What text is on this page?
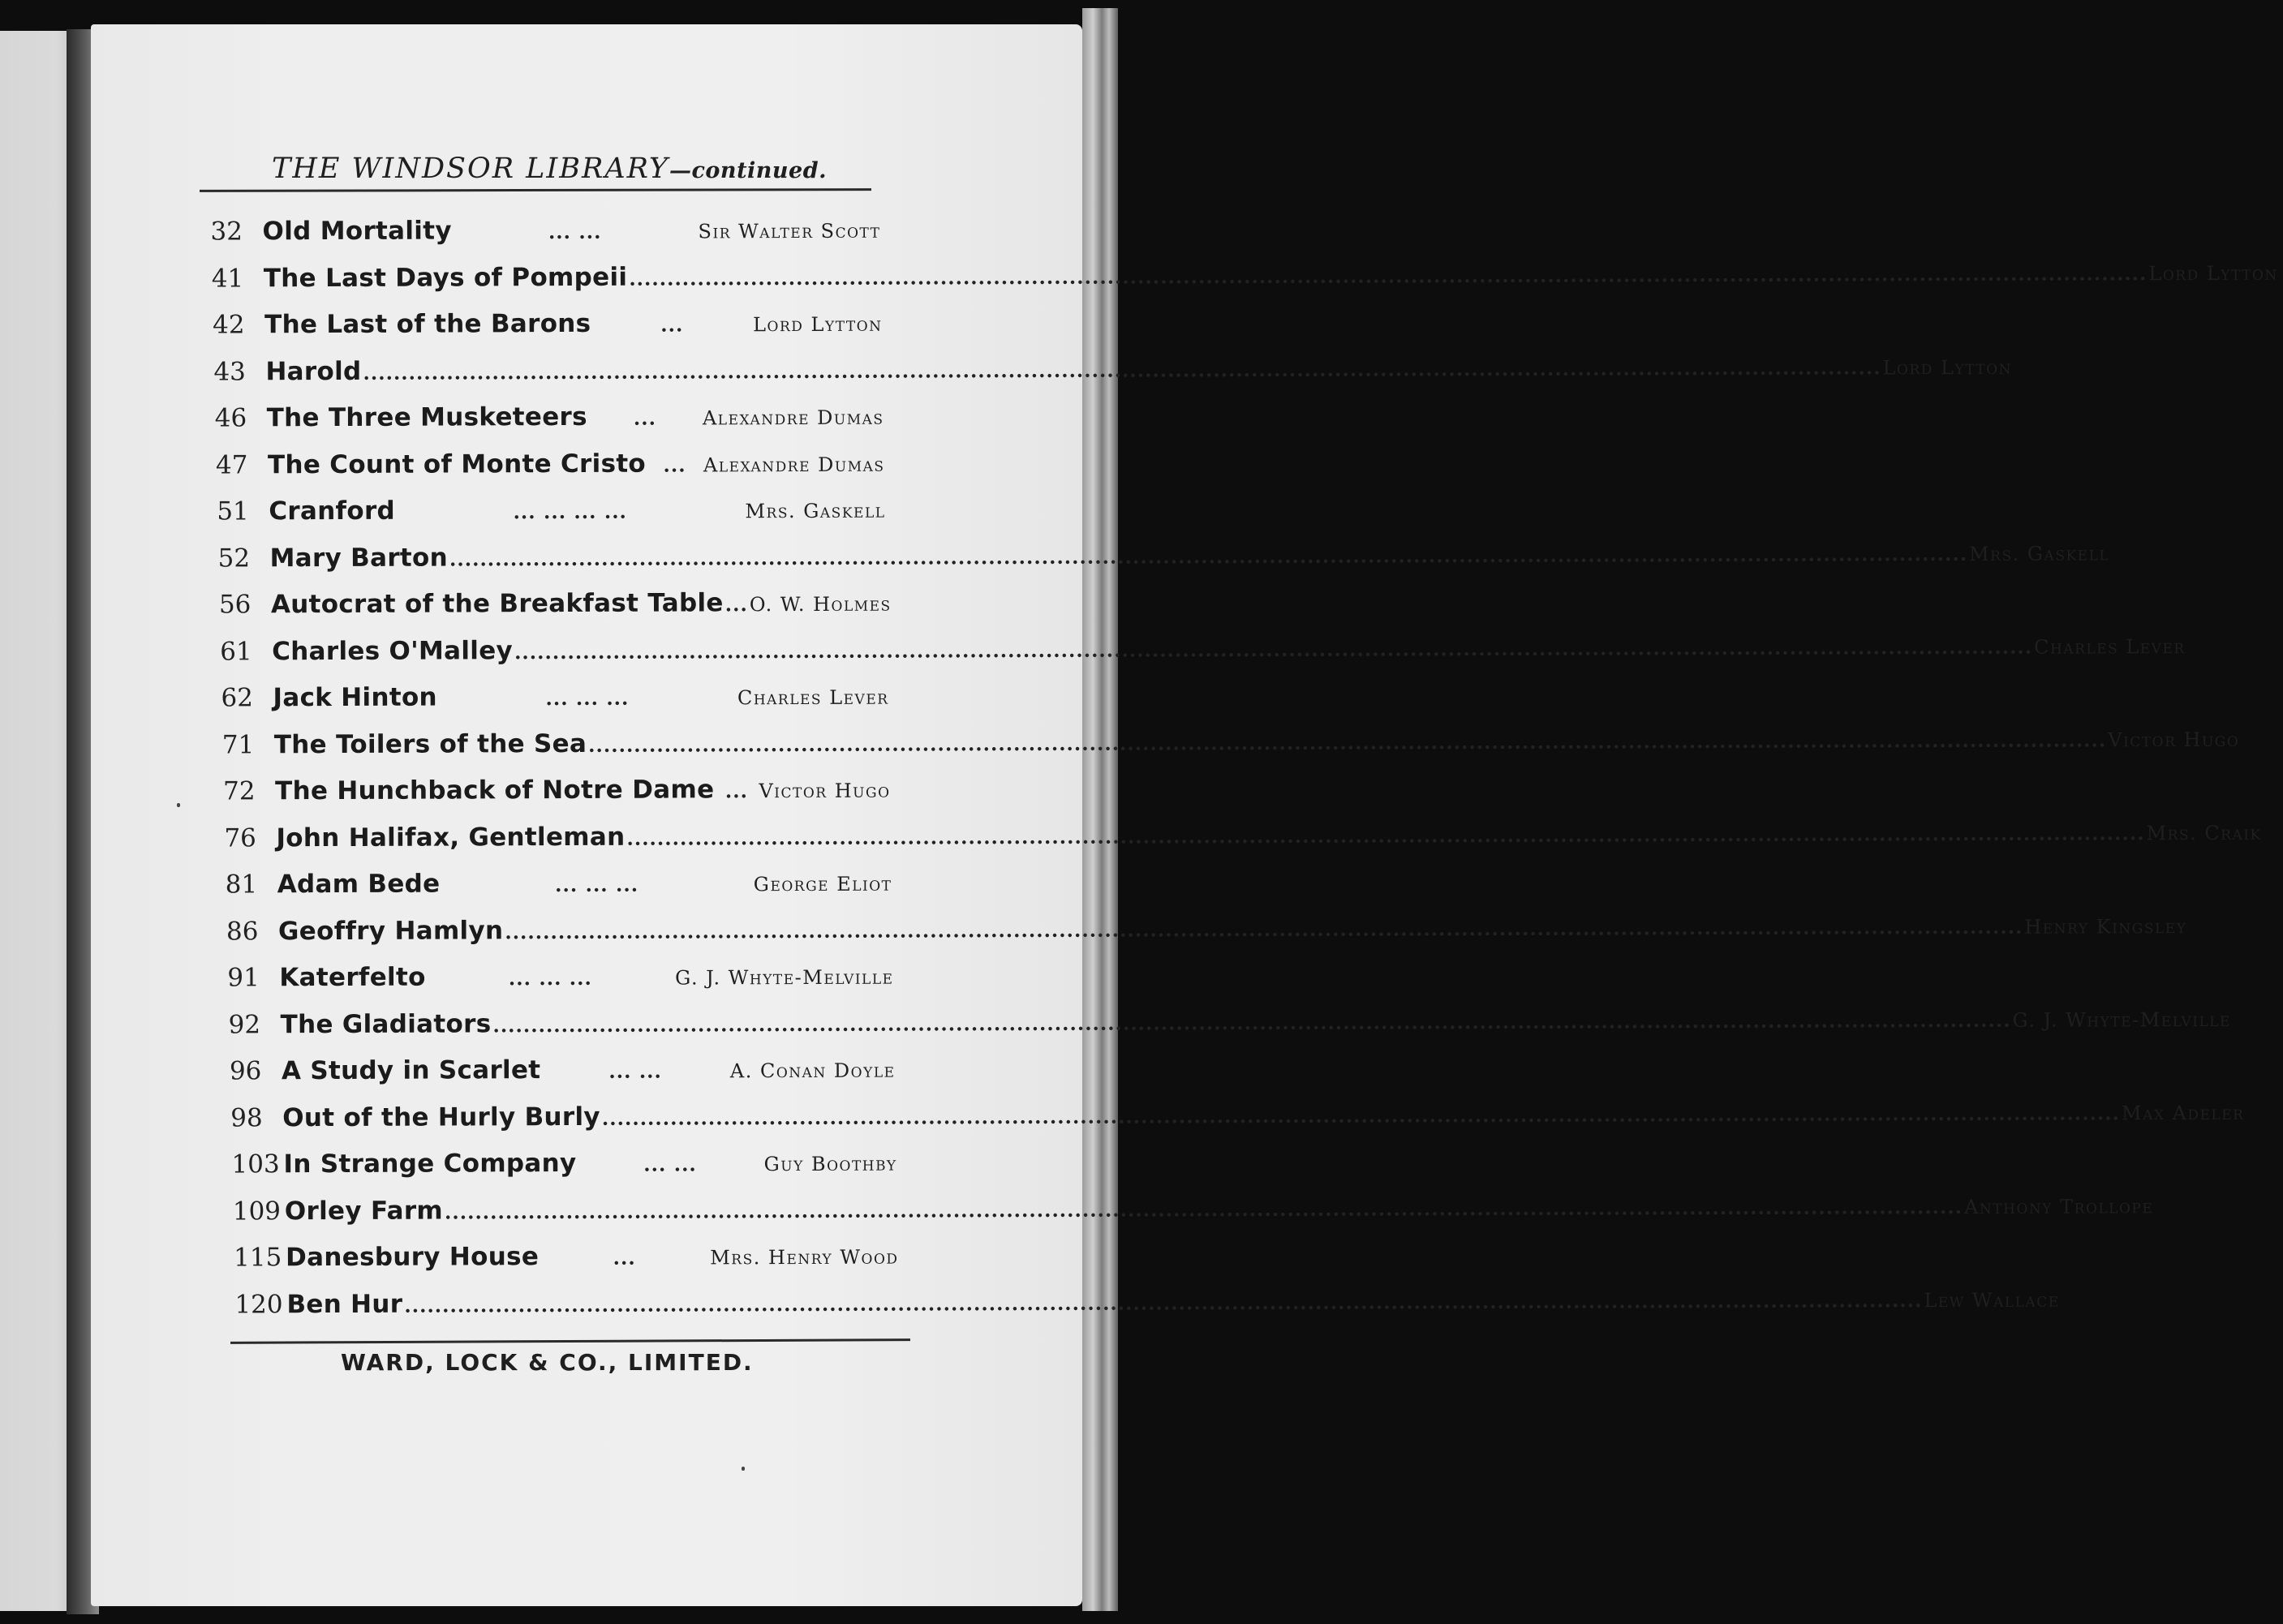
THE WINDSOR LIBRARY—continued.
32 Old Mortality	... ...	Sir Walter Scott
41 The Last Days of Pompeii .....	Lord Lytton
42 The Last of the Barons	...	Lord Lytton
43 Harold .....	Lord Lytton
46 The Three Musketeers	...	Alexandre Dumas
47 The Count of Monte Cristo ... Alexandre Dumas
51 Cranford	... ... ... ...	Mrs. Gaskell
52 Mary Barton .....	Mrs. Gaskell
56 Autocrat of the Breakfast Table ... O. W. Holmes
61 Charles O'Malley .....	Charles Lever
62 Jack Hinton	... ... ...	Charles Lever
71 The Toilers of the Sea .....	Victor Hugo
72 The Hunchback of Notre Dame ... Victor Hugo
76 John Halifax, Gentleman .....	Mrs. Craik
81 Adam Bede	... ... ...	George Eliot
86 Geoffry Hamlyn .....	Henry Kingsley
91 Katerfelto	... ... ...	G. J. Whyte-Melville
92 The Gladiators .....	G. J. Whyte-Melville
96 A Study in Scarlet	... ...	A. Conan Doyle
98 Out of the Hurly Burly .....	Max Adeler
103 In Strange Company	... ...	Guy Boothby
109 Orley Farm .....	Anthony Trollope
115 Danesbury House	...	Mrs. Henry Wood
120 Ben Hur .....	Lew Wallace
WARD, LOCK & CO., LIMITED.
